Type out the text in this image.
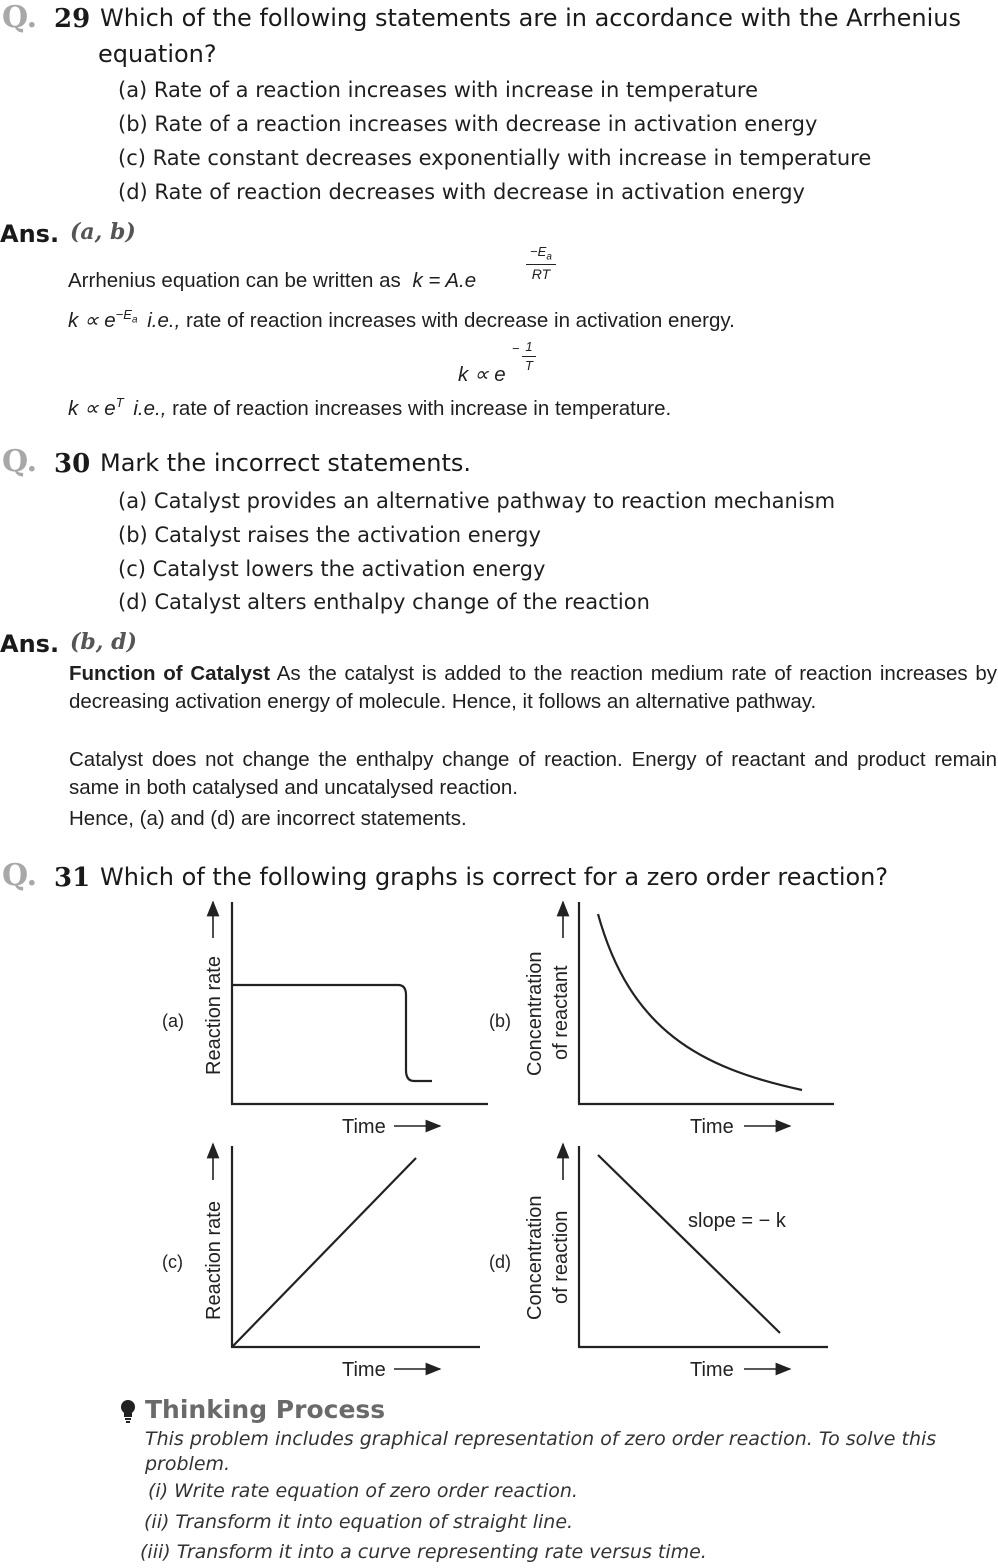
Q. 29 Which of the following statements are in accordance with the Arrhenius
equation?
(a) Rate of a reaction increases with increase in temperature
(b) Rate of a reaction increases with decrease in activation energy
(c) Rate constant decreases exponentially with increase in temperature
(d) Rate of reaction decreases with decrease in activation energy
Ans. (a, b)
Arrhenius equation can be written as k = A.e
$-E_a$
RT
$k \propto e^{-E_a}$ i.e., rate of reaction increases with decrease in activation energy.
k ∝ e
− 1
T
$k \propto e^T$ i.e., rate of reaction increases with increase in temperature.
Q. 30 Mark the incorrect statements.
(a) Catalyst provides an alternative pathway to reaction mechanism
(b) Catalyst raises the activation energy
(c) Catalyst lowers the activation energy
(d) Catalyst alters enthalpy change of the reaction
Ans. (b, d)
Function of Catalyst As the catalyst is added to the reaction medium rate of reaction increases by decreasing activation energy of molecule. Hence, it follows an alternative pathway.
Catalyst does not change the enthalpy change of reaction. Energy of reactant and product remain same in both catalysed and uncatalysed reaction.
Hence, (a) and (d) are incorrect statements.
Q. 31 Which of the following graphs is correct for a zero order reaction?
Reaction rate
(a)
Time
Concentration of reactant
(b)
Time
Reaction rate
(c)
Time
Concentration of reaction
(d)
slope = − k
Time
Thinking Process
This problem includes graphical representation of zero order reaction. To solve this
problem.
(i) Write rate equation of zero order reaction.
(ii) Transform it into equation of straight line.
(iii) Transform it into a curve representing rate versus time.
